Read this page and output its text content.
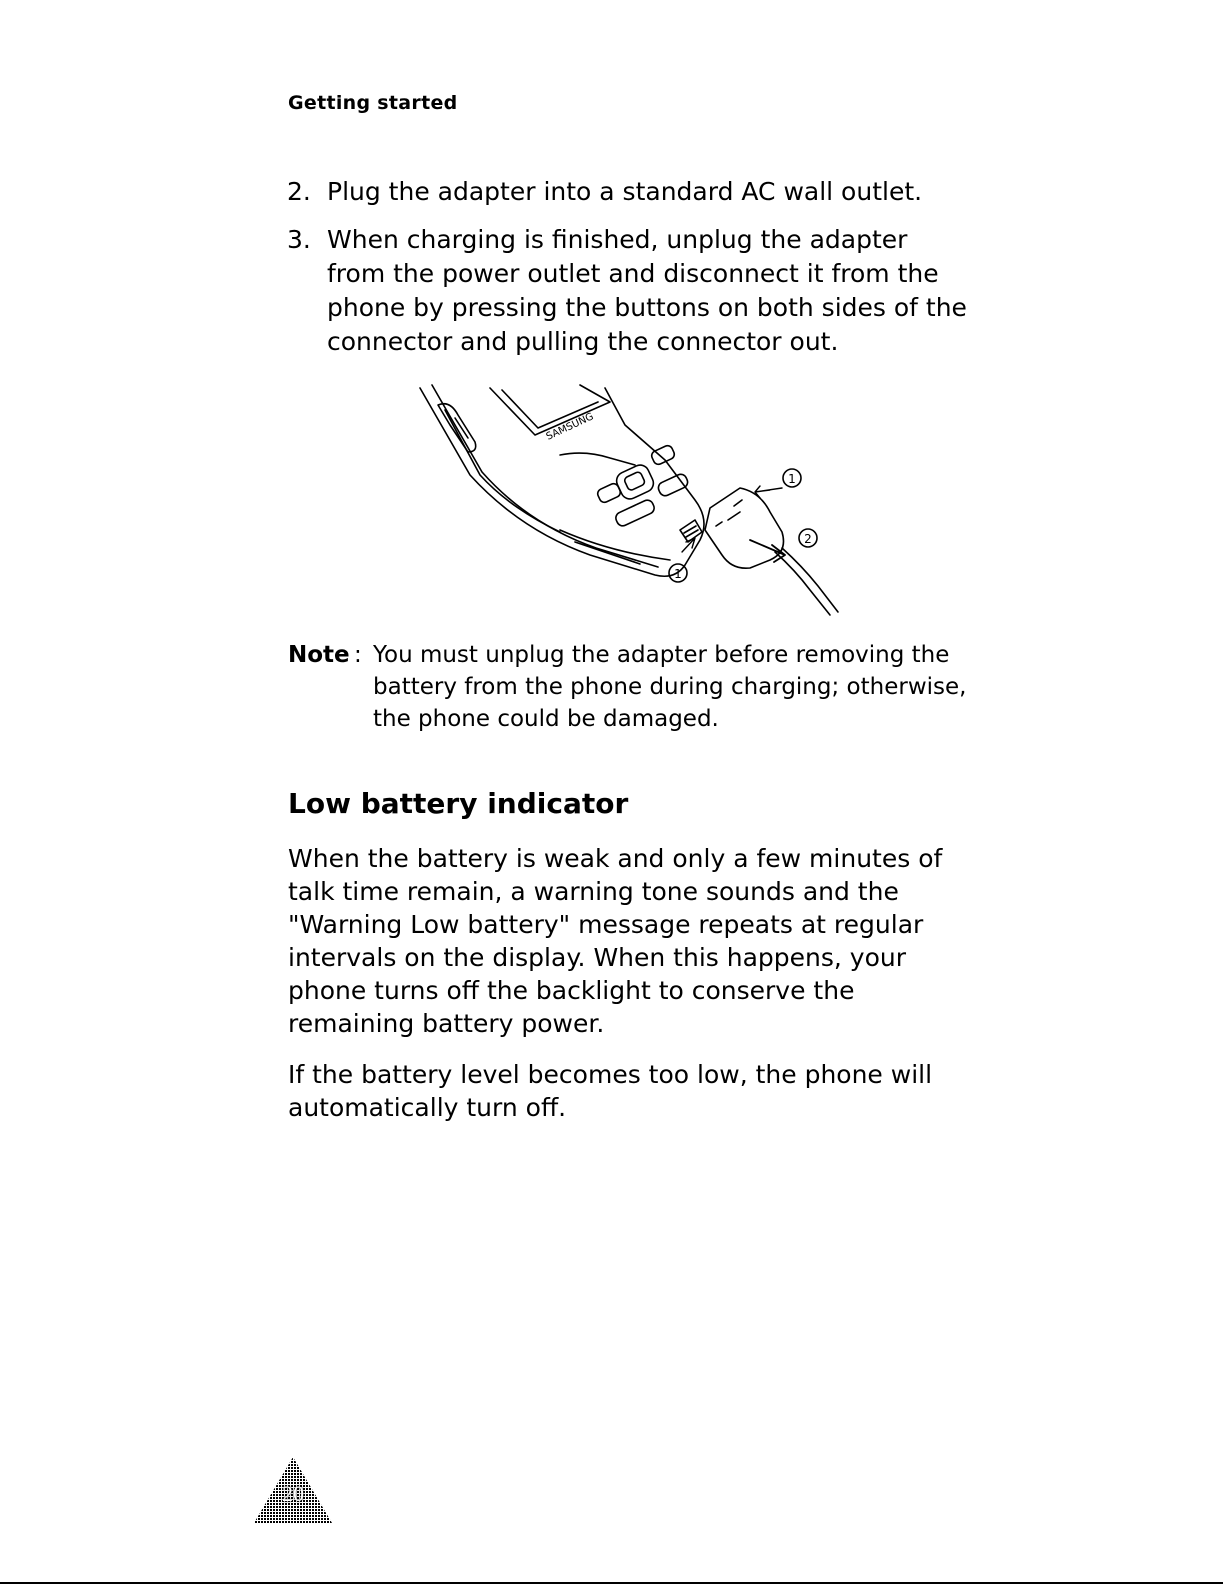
Getting started
2. Plug the adapter into a standard AC wall outlet.
3. When charging is finished, unplug the adapter from the power outlet and disconnect it from the phone by pressing the buttons on both sides of the connector and pulling the connector out.
SAMSUNG
1
2
1
Note : You must unplug the adapter before removing the battery from the phone during charging; otherwise, the phone could be damaged.
Low battery indicator

When the battery is weak and only a few minutes of talk time remain, a warning tone sounds and the "Warning Low battery" message repeats at regular intervals on the display. When this happens, your phone turns off the backlight to conserve the remaining battery power.

If the battery level becomes too low, the phone will automatically turn off.

20
